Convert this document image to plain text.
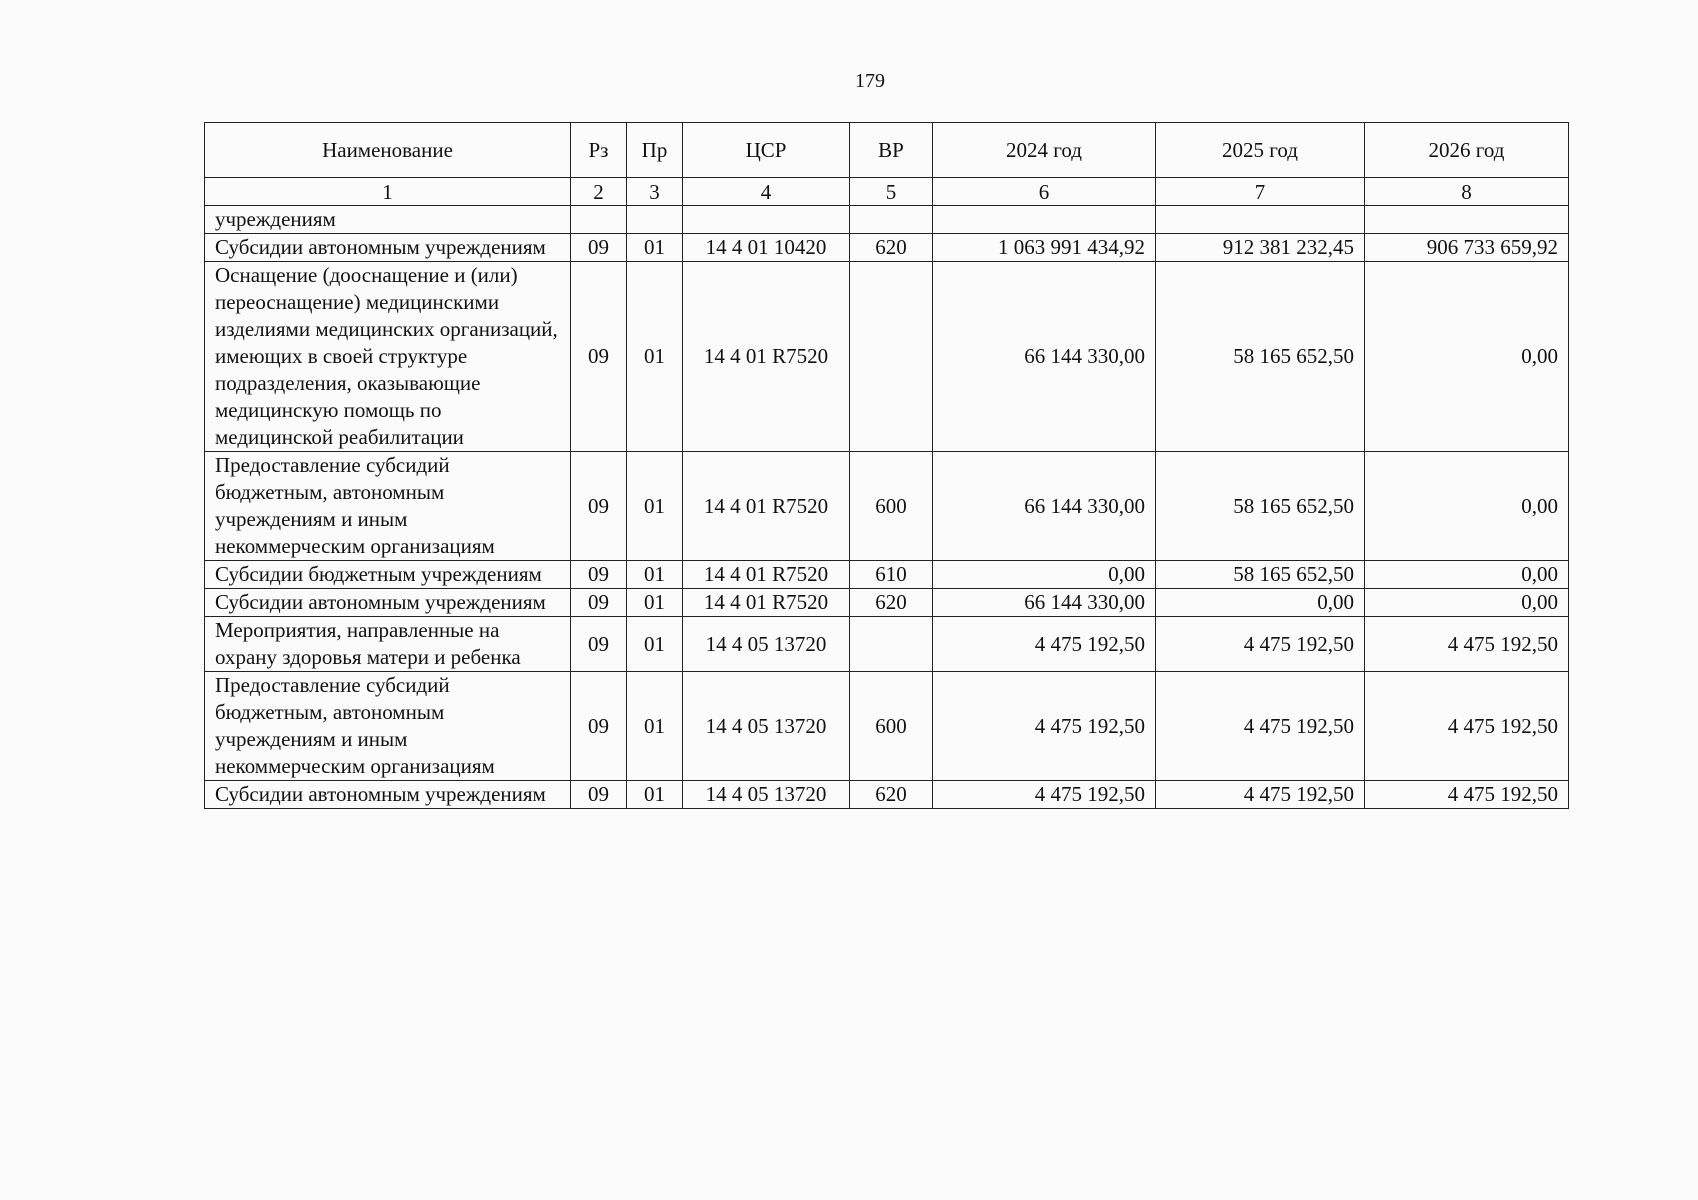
179
Наименование	Рз	Пр	ЦСР	ВР	2024 год	2025 год	2026 год
1	2	3	4	5	6	7	8
учреждениям							
Субсидии автономным учреждениям	09	01	14 4 01 10420	620	1 063 991 434,92	912 381 232,45	906 733 659,92
Оснащение (дооснащение и (или) переоснащение) медицинскими изделиями медицинских организаций, имеющих в своей структуре подразделения, оказывающие медицинскую помощь по медицинской реабилитации	09	01	14 4 01 R7520		66 144 330,00	58 165 652,50	0,00
Предоставление субсидий бюджетным, автономным учреждениям и иным некоммерческим организациям	09	01	14 4 01 R7520	600	66 144 330,00	58 165 652,50	0,00
Субсидии бюджетным учреждениям	09	01	14 4 01 R7520	610	0,00	58 165 652,50	0,00
Субсидии автономным учреждениям	09	01	14 4 01 R7520	620	66 144 330,00	0,00	0,00
Мероприятия, направленные на охрану здоровья матери и ребенка	09	01	14 4 05 13720		4 475 192,50	4 475 192,50	4 475 192,50
Предоставление субсидий бюджетным, автономным учреждениям и иным некоммерческим организациям	09	01	14 4 05 13720	600	4 475 192,50	4 475 192,50	4 475 192,50
Субсидии автономным учреждениям	09	01	14 4 05 13720	620	4 475 192,50	4 475 192,50	4 475 192,50
